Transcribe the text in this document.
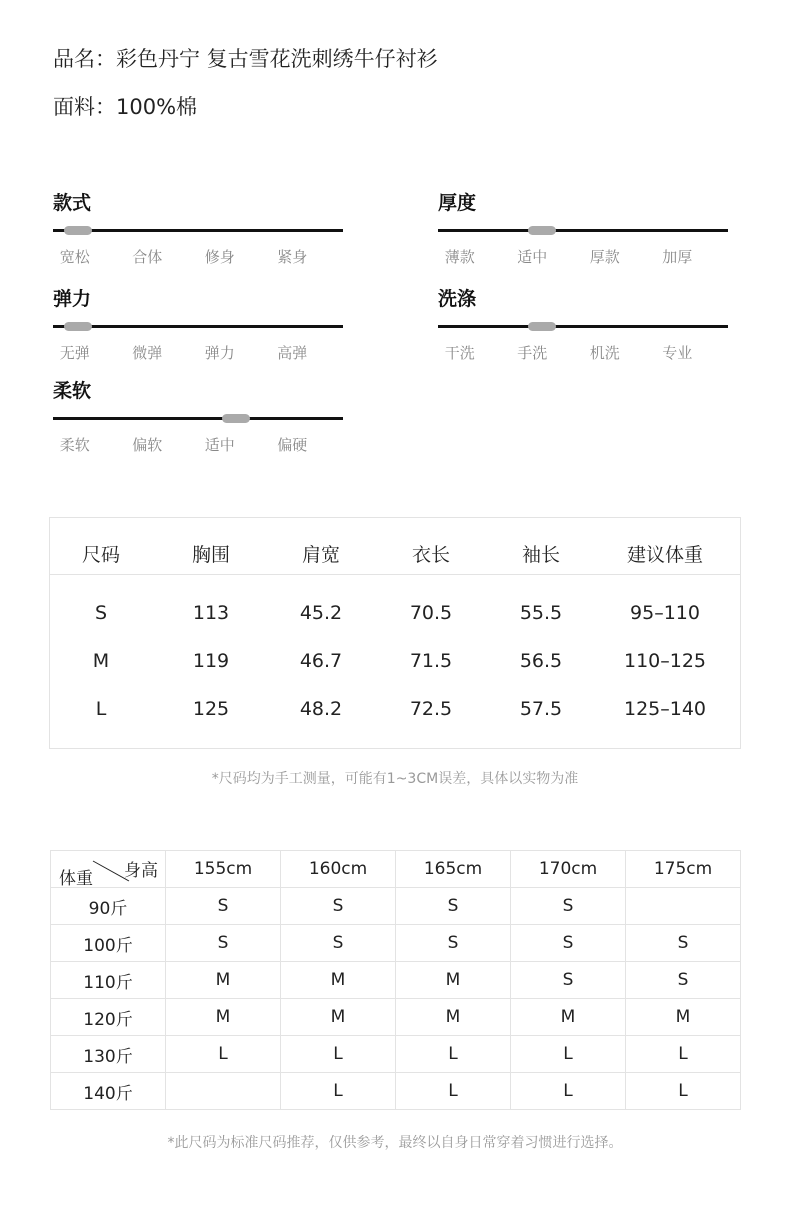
品名：彩色丹宁 复古雪花洗刺绣牛仔衬衫
面料：100%棉
款式
宽松	合体	修身	紧身
厚度
薄款	适中	厚款	加厚
弹力
无弹	微弹	弹力	高弹
洗涤
干洗	手洗	机洗	专业
柔软
柔软	偏软	适中	偏硬
尺码	胸围	肩宽	衣长	袖长	建议体重
S	113	45.2	70.5	55.5	95–110
M	119	46.7	71.5	56.5	110–125
L	125	48.2	72.5	57.5	125–140
*尺码均为手工测量，可能有1~3CM误差，具体以实物为准
身高
体重	155cm	160cm	165cm	170cm	175cm
90斤	S	S	S	S	
100斤	S	S	S	S	S
110斤	M	M	M	S	S
120斤	M	M	M	M	M
130斤	L	L	L	L	L
140斤		L	L	L	L
*此尺码为标准尺码推荐，仅供参考，最终以自身日常穿着习惯进行选择。
